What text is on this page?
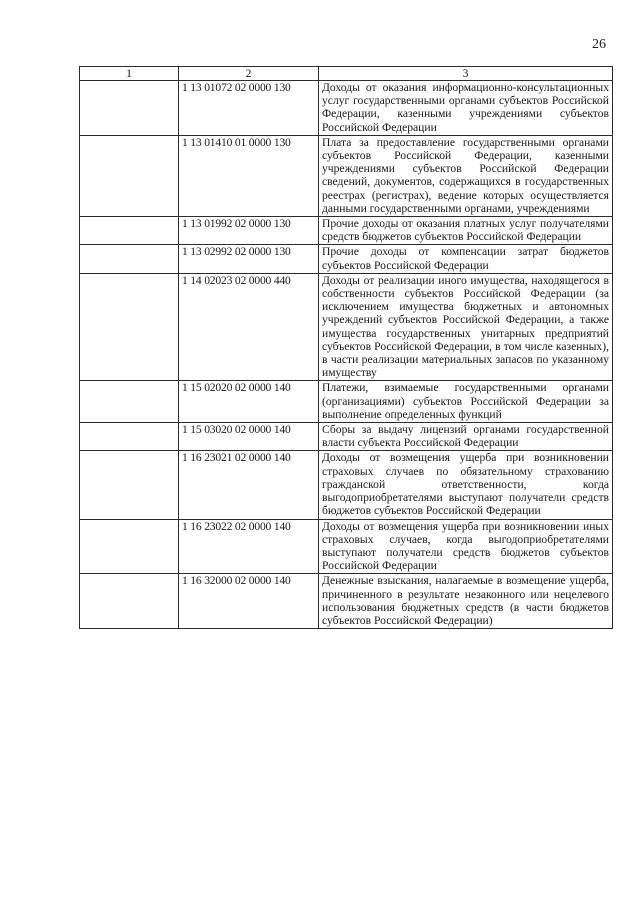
26
1	2	3
	1 13 01072 02 0000 130	Доходы от оказания информационно-консультационных услуг государственными органами субъектов Российской Федерации, казенными учреждениями субъектов Российской Федерации
	1 13 01410 01 0000 130	Плата за предоставление государственными органами субъектов Российской Федерации, казенными учреждениями субъектов Российской Федерации сведений, документов, содержащихся в государственных реестрах (регистрах), ведение которых осуществляется данными государственными органами, учреждениями
	1 13 01992 02 0000 130	Прочие доходы от оказания платных услуг получателями средств бюджетов субъектов Российской Федерации
	1 13 02992 02 0000 130	Прочие доходы от компенсации затрат бюджетов субъектов Российской Федерации
	1 14 02023 02 0000 440	Доходы от реализации иного имущества, находящегося в собственности субъектов Российской Федерации (за исключением имущества бюджетных и автономных учреждений субъектов Российской Федерации, а также имущества государственных унитарных предприятий субъектов Российской Федерации, в том числе казенных), в части реализации материальных запасов по указанному имуществу
	1 15 02020 02 0000 140	Платежи, взимаемые государственными органами (организациями) субъектов Российской Федерации за выполнение определенных функций
	1 15 03020 02 0000 140	Сборы за выдачу лицензий органами государственной власти субъекта Российской Федерации
	1 16 23021 02 0000 140	Доходы от возмещения ущерба при возникновении страховых случаев по обязательному страхованию гражданской ответственности, когда выгодоприобретателями выступают получатели средств бюджетов субъектов Российской Федерации
	1 16 23022 02 0000 140	Доходы от возмещения ущерба при возникновении иных страховых случаев, когда выгодоприобретателями выступают получатели средств бюджетов субъектов Российской Федерации
	1 16 32000 02 0000 140	Денежные взыскания, налагаемые в возмещение ущерба, причиненного в результате незаконного или нецелевого использования бюджетных средств (в части бюджетов субъектов Российской Федерации)
